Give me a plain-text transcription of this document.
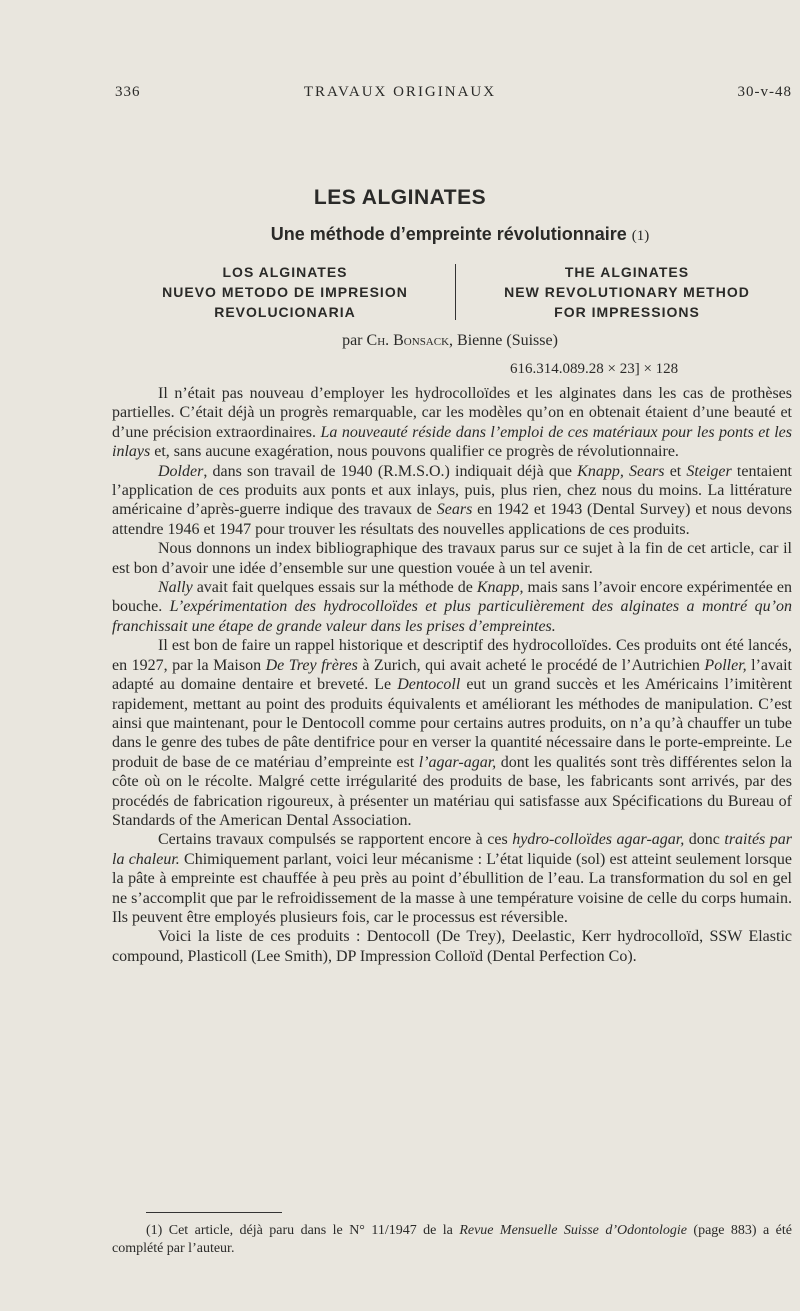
336	TRAVAUX ORIGINAUX	30-v-48
LES ALGINATES
Une méthode d’empreinte révolutionnaire (1)
LOS ALGINATES
NUEVO METODO DE IMPRESION
REVOLUCIONARIA
THE ALGINATES
NEW REVOLUTIONARY METHOD
FOR IMPRESSIONS
par Ch. Bonsack, Bienne (Suisse)
616.314.089.28 × 23] × 128

Il n’était pas nouveau d’employer les hydrocolloïdes et les alginates dans les cas de prothèses partielles. C’était déjà un progrès remarquable, car les modèles qu’on en obtenait étaient d’une beauté et d’une précision extraordinaires. La nouveauté réside dans l’emploi de ces matériaux pour les ponts et les inlays et, sans aucune exagération, nous pouvons qualifier ce progrès de révolutionnaire.

Dolder, dans son travail de 1940 (R.M.S.O.) indiquait déjà que Knapp, Sears et Steiger tentaient l’application de ces produits aux ponts et aux inlays, puis, plus rien, chez nous du moins. La littérature américaine d’après-guerre indique des travaux de Sears en 1942 et 1943 (Dental Survey) et nous devons attendre 1946 et 1947 pour trouver les résultats des nouvelles applications de ces produits.

Nous donnons un index bibliographique des travaux parus sur ce sujet à la fin de cet article, car il est bon d’avoir une idée d’ensemble sur une question vouée à un tel avenir.

Nally avait fait quelques essais sur la méthode de Knapp, mais sans l’avoir encore expérimentée en bouche. L’expérimentation des hydrocolloïdes et plus particulièrement des alginates a montré qu’on franchissait une étape de grande valeur dans les prises d’empreintes.

Il est bon de faire un rappel historique et descriptif des hydrocolloïdes. Ces produits ont été lancés, en 1927, par la Maison De Trey frères à Zurich, qui avait acheté le procédé de l’Autrichien Poller, l’avait adapté au domaine dentaire et breveté. Le Dentocoll eut un grand succès et les Américains l’imitèrent rapidement, mettant au point des produits équivalents et améliorant les méthodes de manipulation. C’est ainsi que maintenant, pour le Dentocoll comme pour certains autres produits, on n’a qu’à chauffer un tube dans le genre des tubes de pâte dentifrice pour en verser la quantité nécessaire dans le porte-empreinte. Le produit de base de ce matériau d’empreinte est l’agar-agar, dont les qualités sont très différentes selon la côte où on le récolte. Malgré cette irrégularité des produits de base, les fabricants sont arrivés, par des procédés de fabrication rigoureux, à présenter un matériau qui satisfasse aux Spécifications du Bureau of Standards of the American Dental Association.

Certains travaux compulsés se rapportent encore à ces hydro-colloïdes agar-agar, donc traités par la chaleur. Chimiquement parlant, voici leur mécanisme : L’état liquide (sol) est atteint seulement lorsque la pâte à empreinte est chauffée à peu près au point d’ébullition de l’eau. La transformation du sol en gel ne s’accomplit que par le refroidissement de la masse à une température voisine de celle du corps humain. Ils peuvent être employés plusieurs fois, car le processus est réversible.

Voici la liste de ces produits : Dentocoll (De Trey), Deelastic, Kerr hydrocolloïd, SSW Elastic compound, Plasticoll (Lee Smith), DP Impression Colloïd (Dental Perfection Co).

(1) Cet article, déjà paru dans le N° 11/1947 de la Revue Mensuelle Suisse d’Odontologie (page 883) a été complété par l’auteur.
